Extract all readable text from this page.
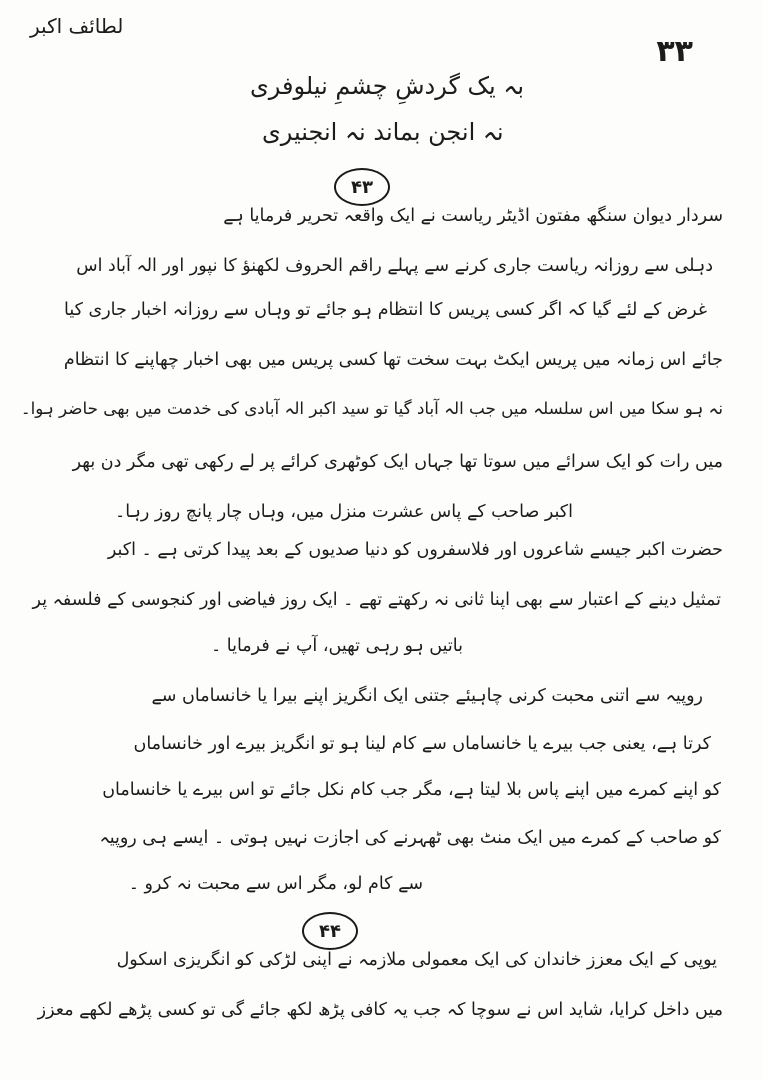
لطائف اکبر
۳۳
بہ یک گردشِ چشمِ نیلوفری
نہ انجن بماند نہ انجنیری
۴۳
سردار دیوان سنگھ مفتون اڈیٹر ریاست نے ایک واقعہ تحریر فرمایا ہے
دہلی سے روزانہ ریاست جاری کرنے سے پہلے راقم الحروف لکھنؤ کا نپور اور الہ آباد اس
غرض کے لئے گیا کہ اگر کسی پریس کا انتظام ہو جائے تو وہاں سے روزانہ اخبار جاری کیا
جائے اس زمانہ میں پریس ایکٹ بہت سخت تھا کسی پریس میں بھی اخبار چھاپنے کا انتظام
نہ ہو سکا میں اس سلسلہ میں جب الہ آباد گیا تو سید اکبر الہ آبادی کی خدمت میں بھی حاضر ہوا۔
میں رات کو ایک سرائے میں سوتا تھا جہاں ایک کوٹھری کرائے پر لے رکھی تھی مگر دن بھر
اکبر صاحب کے پاس عشرت منزل میں، وہاں چار پانچ روز رہا۔
حضرت اکبر جیسے شاعروں اور فلاسفروں کو دنیا صدیوں کے بعد پیدا کرتی ہے ۔ اکبر
تمثیل دینے کے اعتبار سے بھی اپنا ثانی نہ رکھتے تھے ۔ ایک روز فیاضی اور کنجوسی کے فلسفہ پر
باتیں ہو رہی تھیں، آپ نے فرمایا ۔
روپیہ سے اتنی محبت کرنی چاہیئے جتنی ایک انگریز اپنے بیرا یا خانساماں سے
کرتا ہے، یعنی جب بیرے یا خانساماں سے کام لینا ہو تو انگریز بیرے اور خانساماں
کو اپنے کمرے میں اپنے پاس بلا لیتا ہے، مگر جب کام نکل جائے تو اس بیرے یا خانساماں
کو صاحب کے کمرے میں ایک منٹ بھی ٹھہرنے کی اجازت نہیں ہوتی ۔ ایسے ہی روپیہ
سے کام لو، مگر اس سے محبت نہ کرو ۔
۴۴
یوپی کے ایک معزز خاندان کی ایک معمولی ملازمہ نے اپنی لڑکی کو انگریزی اسکول
میں داخل کرایا، شاید اس نے سوچا کہ جب یہ کافی پڑھ لکھ جائے گی تو کسی پڑھے لکھے معزز
